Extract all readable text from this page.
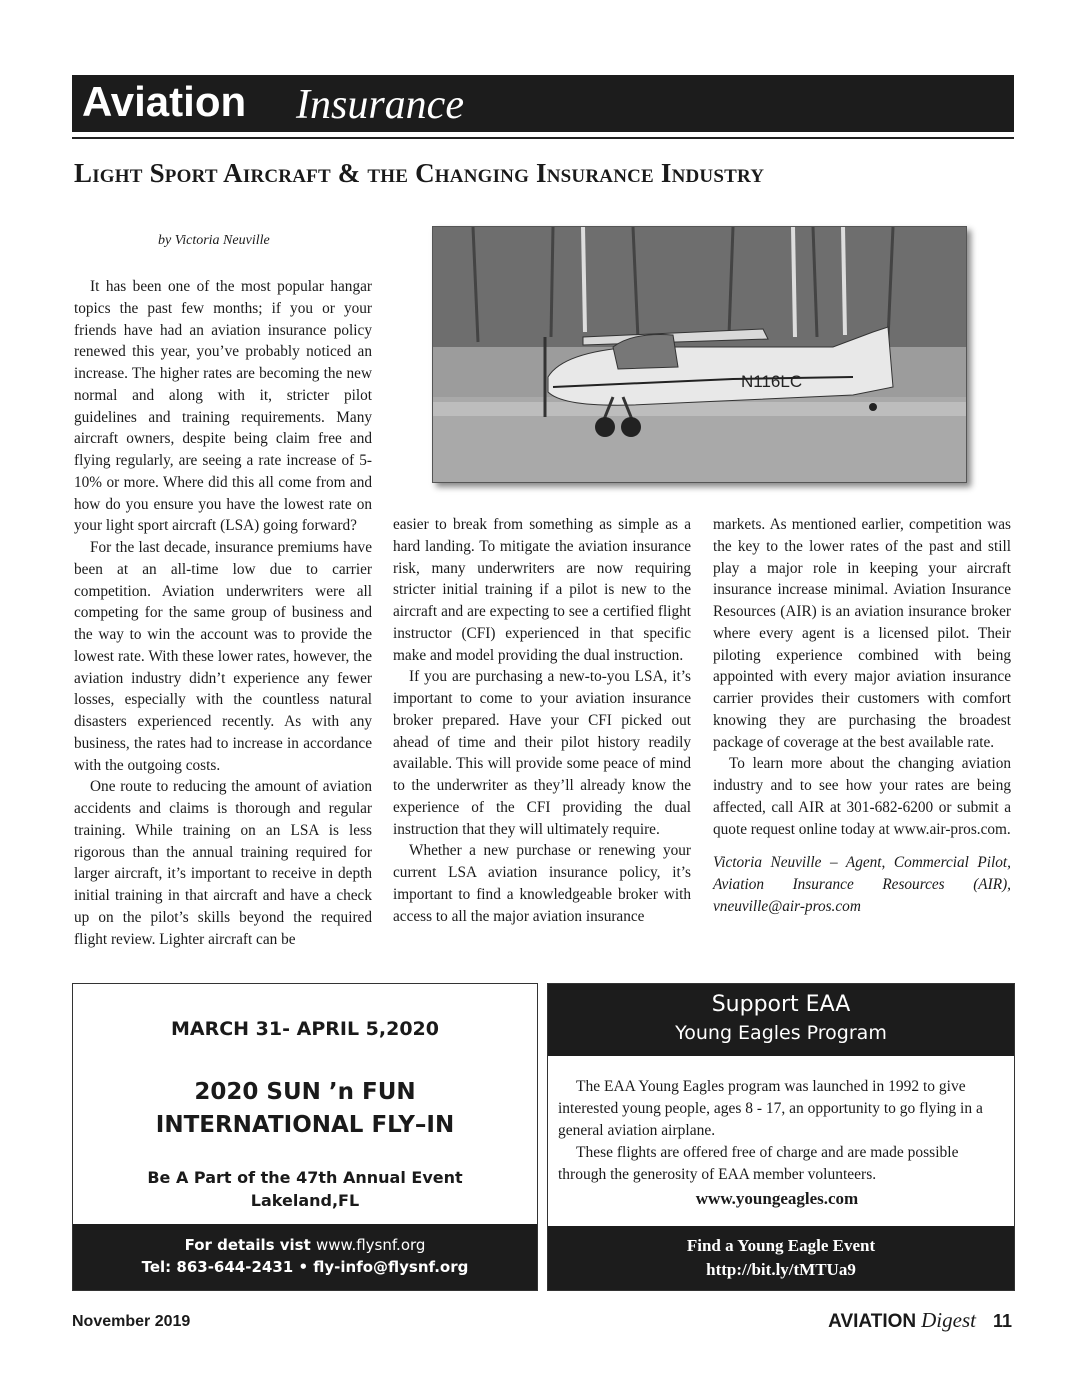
Aviation Insurance
Light Sport Aircraft & the Changing Insurance Industry
by Victoria Neuville

It has been one of the most popular hangar topics the past few months; if you or your friends have had an aviation insurance policy renewed this year, you’ve probably noticed an increase. The higher rates are becoming the new normal and along with it, stricter pilot guidelines and training requirements. Many aircraft owners, despite being claim free and flying regularly, are seeing a rate increase of 5-10% or more. Where did this all come from and how do you ensure you have the lowest rate on your light sport aircraft (LSA) going forward?

For the last decade, insurance premiums have been at an all-time low due to carrier competition. Aviation underwriters were all competing for the same group of business and the way to win the account was to provide the lowest rate. With these lower rates, however, the aviation industry didn’t experience any fewer losses, especially with the countless natural disasters experienced recently. As with any business, the rates had to increase in accordance with the outgoing costs.

One route to reducing the amount of aviation accidents and claims is thorough and regular training. While training on an LSA is less rigorous than the annual training required for larger aircraft, it’s important to receive in depth initial training in that aircraft and have a check up on the pilot’s skills beyond the required flight review. Lighter aircraft can be

easier to break from something as simple as a hard landing. To mitigate the aviation insurance risk, many underwriters are now requiring stricter initial training if a pilot is new to the aircraft and are expecting to see a certified flight instructor (CFI) experienced in that specific make and model providing the dual instruction.

If you are purchasing a new-to-you LSA, it’s important to come to your aviation insurance broker prepared. Have your CFI picked out ahead of time and their pilot history readily available. This will provide some peace of mind to the underwriter as they’ll already know the experience of the CFI providing the dual instruction that they will ultimately require.

Whether a new purchase or renewing your current LSA aviation insurance policy, it’s important to find a knowledgeable broker with access to all the major aviation insurance

markets. As mentioned earlier, competition was the key to the lower rates of the past and still play a major role in keeping your aircraft insurance increase minimal. Aviation Insurance Resources (AIR) is an aviation insurance broker where every agent is a licensed pilot. Their piloting experience combined with being appointed with every major aviation insurance carrier provides their customers with comfort knowing they are purchasing the broadest package of coverage at the best available rate.

To learn more about the changing aviation industry and to see how your rates are being affected, call AIR at 301-682-6200 or submit a quote request online today at www.air-pros.com.

Victoria Neuville – Agent, Commercial Pilot, Aviation Insurance Resources (AIR), vneuville@air-pros.com

N116LC
MARCH 31- APRIL 5,2020
2020 SUN ’n FUN
INTERNATIONAL FLY–IN
Be A Part of the 47th Annual Event
Lakeland,FL
For details vist www.flysnf.org
Tel: 863-644-2431 • fly-info@flysnf.org
Support EAA
Young Eagles Program

The EAA Young Eagles program was launched in 1992 to give interested young people, ages 8 - 17, an opportunity to go flying in a general aviation airplane.

These flights are offered free of charge and are made possible through the generosity of EAA member volunteers.

www.youngeagles.com
Find a Young Eagle Event
http://bit.ly/tMTUa9
November 2019	AVIATION Digest 11
